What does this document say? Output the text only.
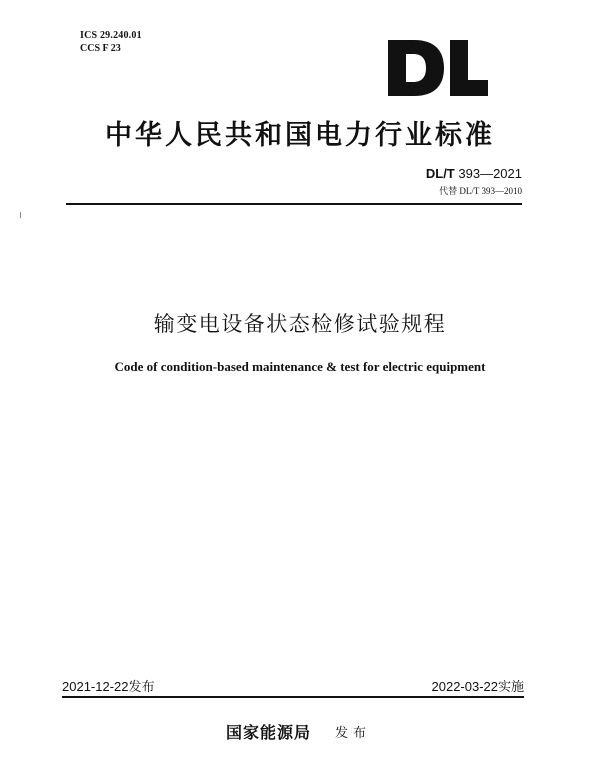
ICS 29.240.01
CCS F 23
中华人民共和国电力行业标准
DL/T 393—2021
代替 DL/T 393—2010
输变电设备状态检修试验规程
Code of condition-based maintenance & test for electric equipment
2021-12-22发布	2022-03-22实施
国家能源局 发布
